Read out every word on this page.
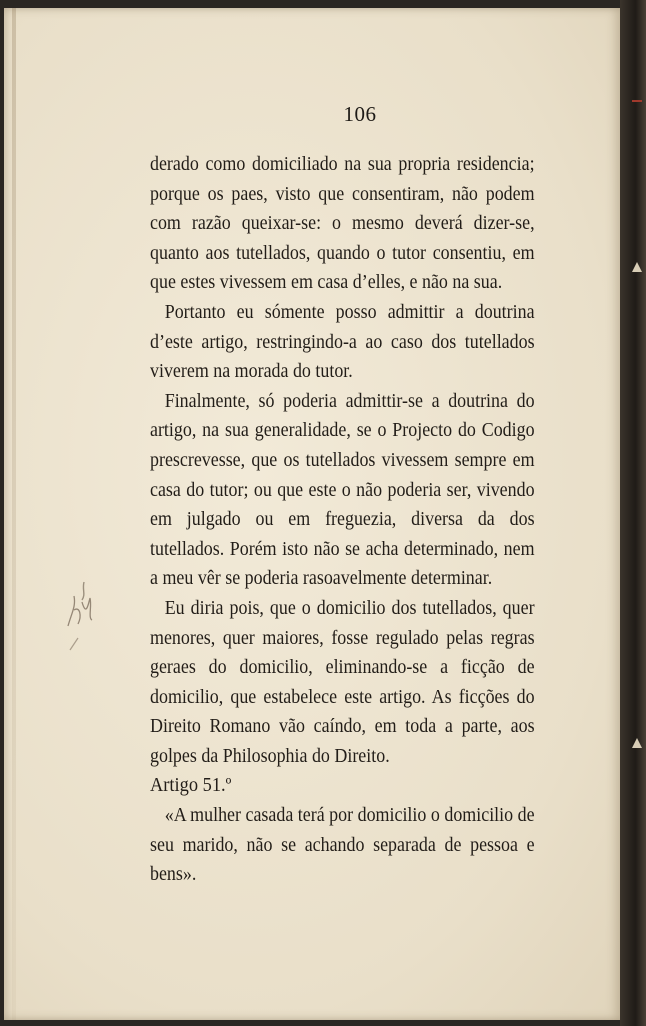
106

derado como domiciliado na sua propria residencia; porque os paes, visto que consentiram, não podem com razão queixar-se: o mesmo deverá dizer-se, quanto aos tutellados, quando o tutor consentiu, em que estes vivessem em casa d’elles, e não na sua.

Portanto eu sómente posso admittir a doutrina d’este artigo, restringindo-a ao caso dos tutellados viverem na morada do tutor.

Finalmente, só poderia admittir-se a doutrina do artigo, na sua generalidade, se o Projecto do Codigo prescrevesse, que os tutellados vivessem sempre em casa do tutor; ou que este o não poderia ser, vivendo em julgado ou em freguezia, diversa da dos tutellados. Porém isto não se acha determinado, nem a meu vêr se poderia rasoavelmente determinar.

Eu diria pois, que o domicilio dos tutellados, quer menores, quer maiores, fosse regulado pelas regras geraes do domicilio, eliminando-se a ficção de domicilio, que estabelece este artigo. As ficções do Direito Romano vão caíndo, em toda a parte, aos golpes da Philosophia do Direito.

Artigo 51.º

«A mulher casada terá por domicilio o domicilio de seu marido, não se achando separada de pessoa e bens».
